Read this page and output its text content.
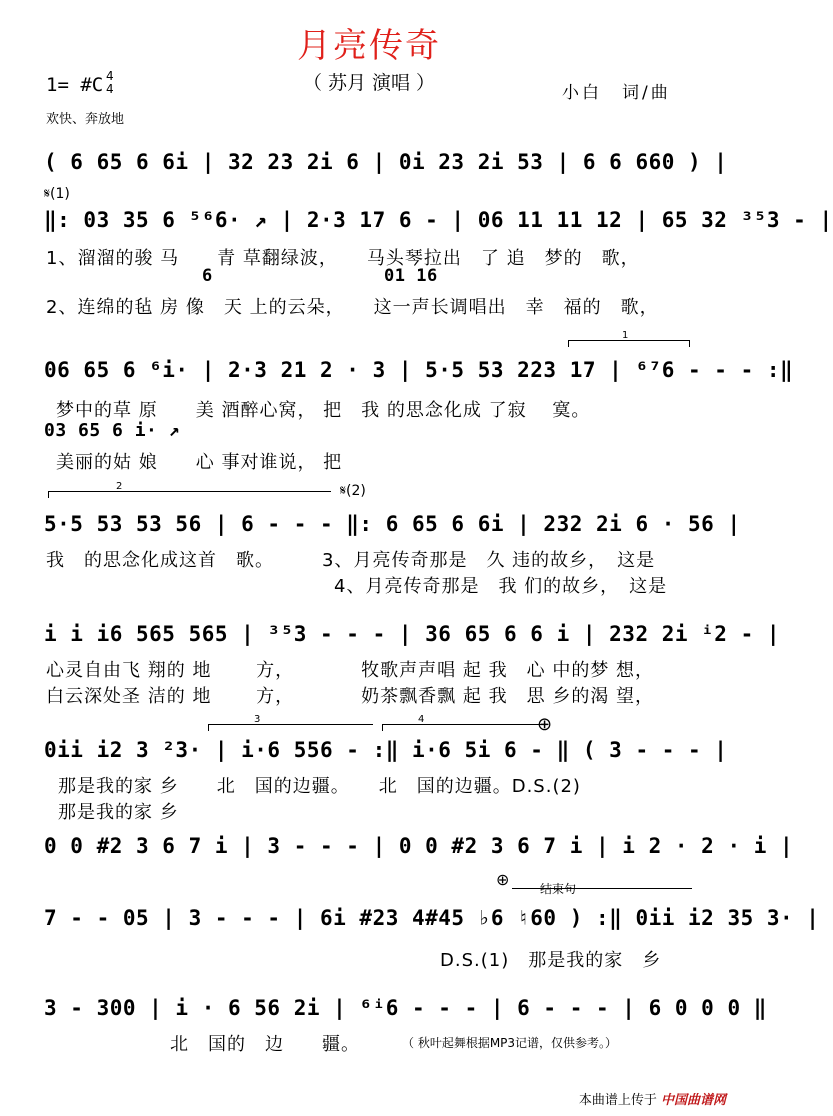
月亮传奇
（ 苏月 演唱 ）
1= #C 4
4
欢快、奔放地
小白　词/曲
( 6 65 6 6i | 32 23 2i 6 | 0i 23 2i 53 | 6 6 660 ) |
𝄋(1)
‖: 03 35 6 ⁵⁶6· ↗ | 2·3 17 6 - | 06 11 11 12 | 65 32 ³⁵3 - |
1、溜溜的骏 马　　青 草翻绿波，　　马头琴拉出　了 追　梦的　歌，
6	01 16
2、连绵的毡 房 像　天 上的云朵，　　这一声长调唱出　幸　福的　歌，
1
06 65 6 ⁶i· | 2·3 21 2 · 3 | 5·5 53 223 17 | ⁶⁷6 - - - :‖
梦中的草 原　　美 酒醉心窝， 把　我 的思念化成 了寂　 寞。
03 65 6 i· ↗
美丽的姑 娘　　心 事对谁说， 把
2	𝄋(2)
5·5 53 53 56 | 6 - - - ‖: 6 65 6 6i | 232 2i 6 · 56 |
我　的思念化成这首　歌。　　　3、月亮传奇那是　久 违的故乡，　这是
4、月亮传奇那是　我 们的故乡，　这是
i i i6 565 565 | ³⁵3 - - - | 36 65 6 6 i | 232 2i ⁱ2 - |
心灵自由飞 翔的 地　　 方，　　　　牧歌声声唱 起 我　心 中的梦 想，
白云深处圣 洁的 地　　 方，　　　　奶茶飘香飘 起 我　思 乡的渴 望，
3	4	⊕
0ii i2 3 ²3· | i·6 556 - :‖ i·6 5i 6 - ‖ ( 3 - - - |
那是我的家 乡　　北　国的边疆。　　北　国的边疆。D.S.(2)
那是我的家 乡
0 0 #2 3 6 7 i | 3 - - - | 0 0 #2 3 6 7 i | i 2 · 2 · i |
⊕	结束句
7 - - 05 | 3 - - - | 6i #23 4#45 ♭6 ♮60 ) :‖ 0ii i2 35 3· |
D.S.(1)　那是我的家　乡
3 - 300 | i · 6 56 2i | ⁶ⁱ6 - - - | 6 - - - | 6 0 0 0 ‖
北　国的　边　　疆。	（ 秋叶起舞根据MP3记谱，仅供参考。）
本曲谱上传于 中国曲谱网
